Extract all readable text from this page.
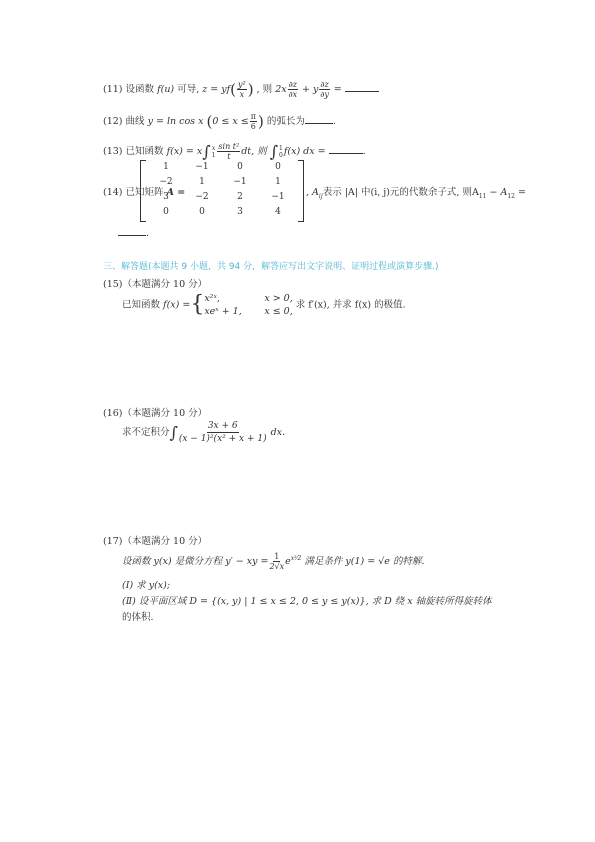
(11) 设函数 f(u) 可导, $z = yf( \frac{\text{y²}}{x}$ ) , 则 $2x \frac{\partial z}{\partial x} + y \frac{\partial z}{\partial y}$ =
(12) 曲线 y = ln cos x ($0 \le x \le \frac{\pi}{6}$ ) 的弧长为	.
(13) 已知函数 f(x) = x∫ x
$1 \frac{\text{sin t²}}{t}$ dt, 则 ∫ 1
0 f(x) dx =	.
(14) 已知矩阵 A =
1	−1	0	0
−2	1	−1	1
3	−2	2	−1
0	0	3	4
, $A_{ij}$表示 |A| 中(i, j)元的代数余子式, 则$A_{11} - A_{12}$ =
.
三、解答题(本题共 9 小题，共 94 分，解答应写出文字说明、证明过程或演算步骤.)
(15)（本题满分 10 分）
已知函数 f(x) ={ x²ˣ,	x > 0,
xeˣ + 1, x ≤ 0,
求 f′(x), 并求 f(x) 的极值.
(16)（本题满分 10 分）
求不定积分∫ $\frac{3x + 6}{\text{(x − 1)²(x² + x + 1)}}$ dx.
(17)（本题满分 10 分）
设函数 y(x) 是微分方程 y′ − xy = $\frac{1}{2√x} e^{x^2⁄2}$ 满足条件 y(1) = √e 的特解.
(Ⅰ) 求 y(x);
(Ⅱ) 设平面区域 D = {(x, y) | 1 ≤ x ≤ 2, 0 ≤ y ≤ y(x)}, 求 D 绕 x 轴旋转所得旋转体
的体积.
